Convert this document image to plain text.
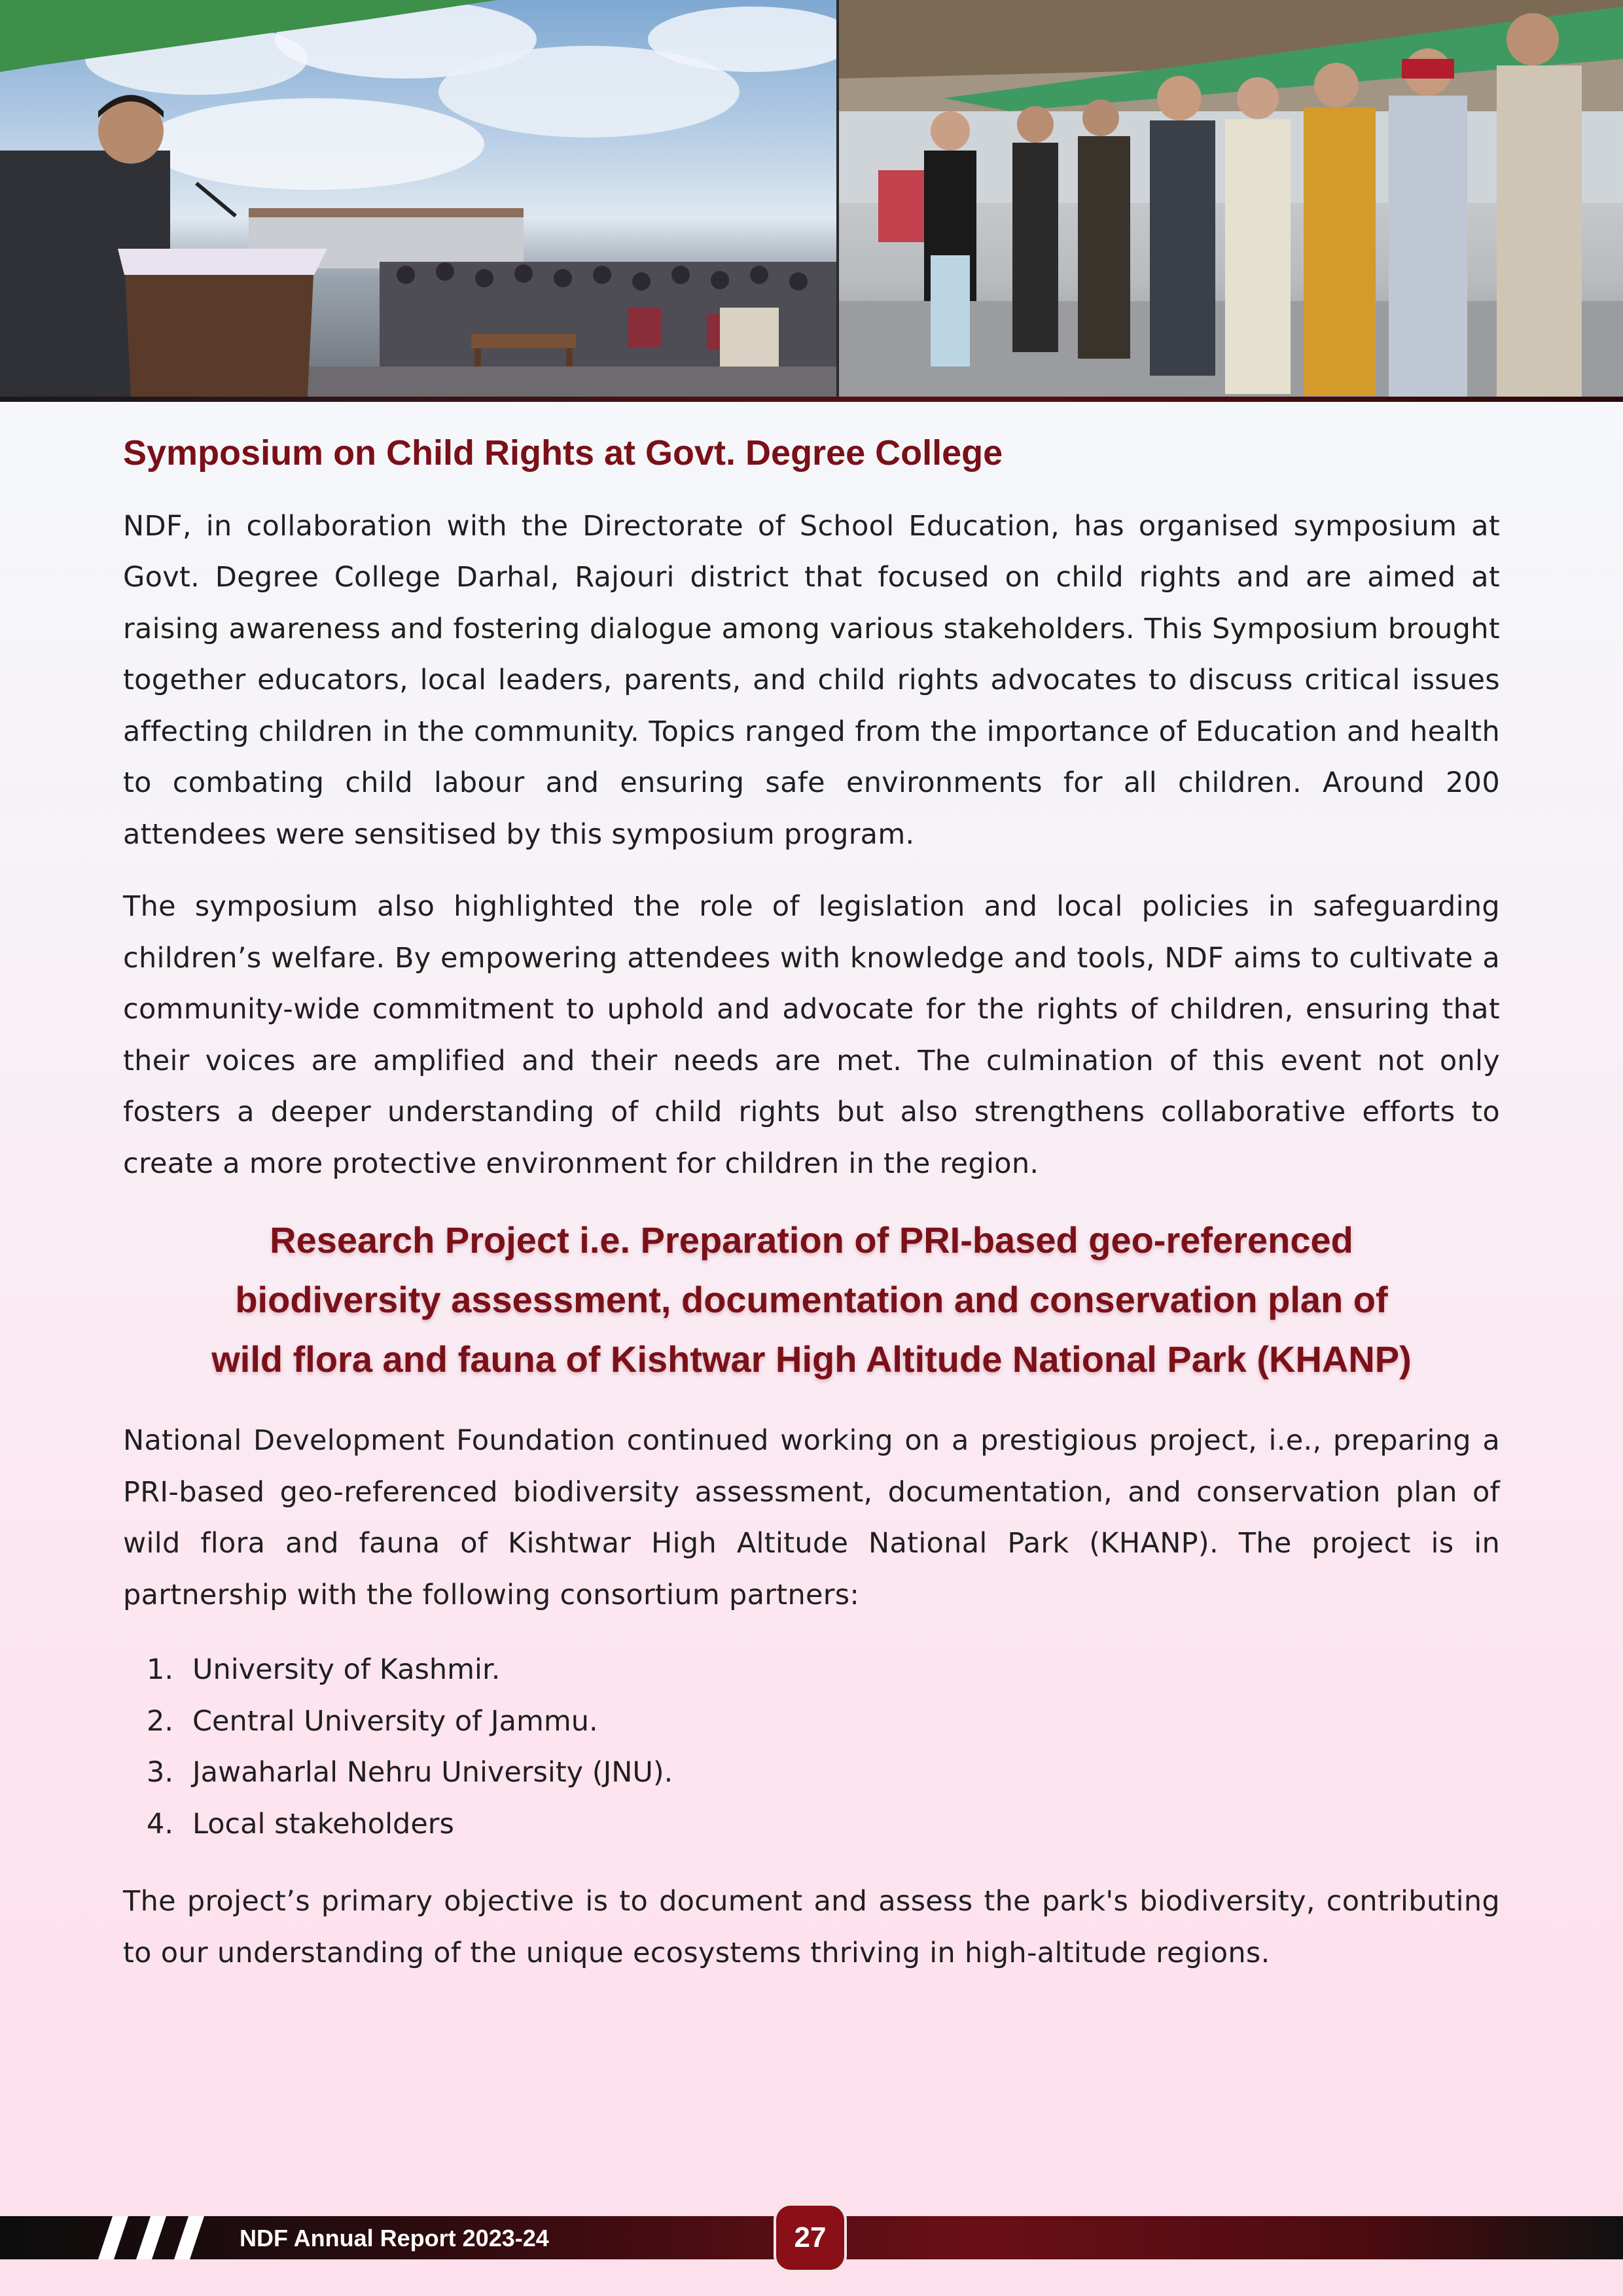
Symposium on Child Rights at Govt. Degree College

NDF, in collaboration with the Directorate of School Education, has organised symposium at Govt. Degree College Darhal, Rajouri district that focused on child rights and are aimed at raising awareness and fostering dialogue among various stakeholders. This Symposium brought together educators, local leaders, parents, and child rights advocates to discuss critical issues affecting children in the community. Topics ranged from the importance of Education and health to combating child labour and ensuring safe environments for all children. Around 200 attendees were sensitised by this symposium program.

The symposium also highlighted the role of legislation and local policies in safeguarding children’s welfare. By empowering attendees with knowledge and tools, NDF aims to cultivate a community-wide commitment to uphold and advocate for the rights of children, ensuring that their voices are amplified and their needs are met. The culmination of this event not only fosters a deeper understanding of child rights but also strengthens collaborative efforts to create a more protective environment for children in the region.

Research Project i.e. Preparation of PRI-based geo-referenced
biodiversity assessment, documentation and conservation plan of
wild flora and fauna of Kishtwar High Altitude National Park (KHANP)

National Development Foundation continued working on a prestigious project, i.e., preparing a PRI-based geo-referenced biodiversity assessment, documentation, and conservation plan of wild flora and fauna of Kishtwar High Altitude National Park (KHANP). The project is in partnership with the following consortium partners:

1. University of Kashmir.
2. Central University of Jammu.
3. Jawaharlal Nehru University (JNU).
4. Local stakeholders

The project’s primary objective is to document and assess the park's biodiversity, contributing to our understanding of the unique ecosystems thriving in high-altitude regions.

NDF Annual Report 2023-24	27
